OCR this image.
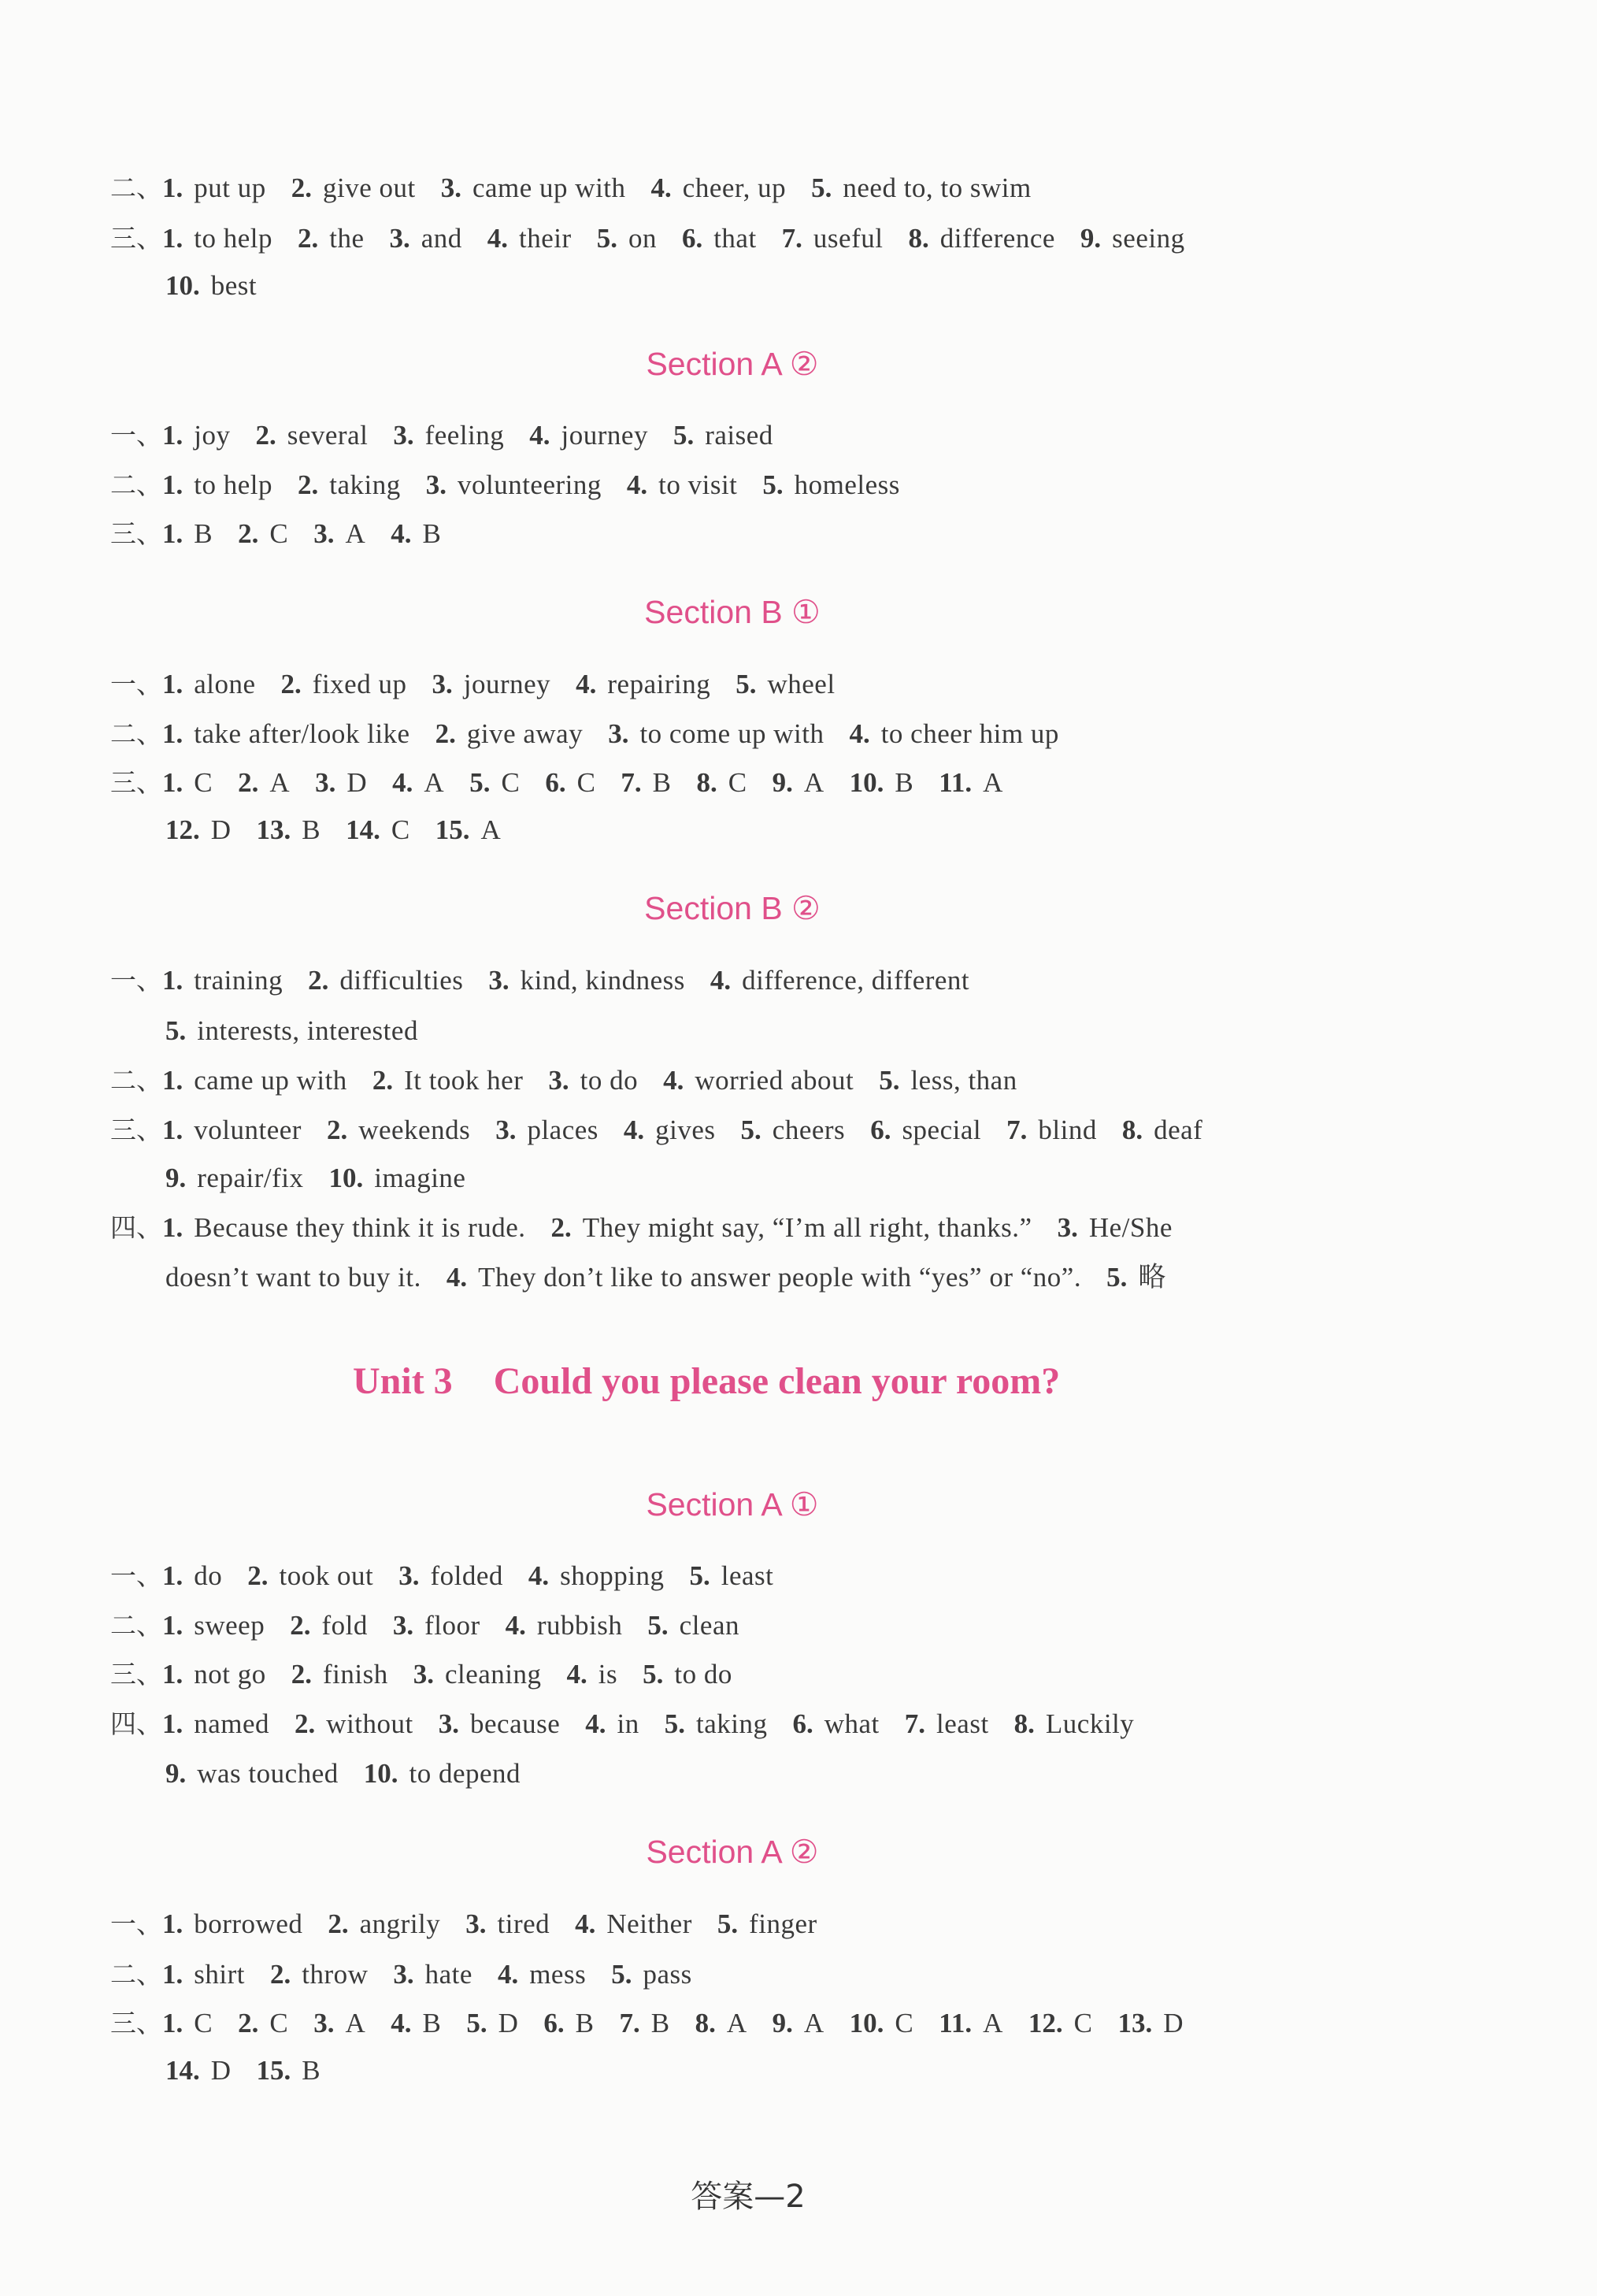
二、1. put up 2. give out 3. came up with 4. cheer, up 5. need to, to swim
三、1. to help 2. the 3. and 4. their 5. on 6. that 7. useful 8. difference 9. seeing
10. best
Section A ②
一、1. joy 2. several 3. feeling 4. journey 5. raised
二、1. to help 2. taking 3. volunteering 4. to visit 5. homeless
三、1. B 2. C 3. A 4. B
Section B ①
一、1. alone 2. fixed up 3. journey 4. repairing 5. wheel
二、1. take after/look like 2. give away 3. to come up with 4. to cheer him up
三、1. C 2. A 3. D 4. A 5. C 6. C 7. B 8. C 9. A 10. B 11. A
12. D 13. B 14. C 15. A
Section B ②
一、1. training 2. difficulties 3. kind, kindness 4. difference, different
5. interests, interested
二、1. came up with 2. It took her 3. to do 4. worried about 5. less, than
三、1. volunteer 2. weekends 3. places 4. gives 5. cheers 6. special 7. blind 8. deaf
9. repair/fix 10. imagine
四、1. Because they think it is rude. 2. They might say, “I’m all right, thanks.” 3. He/She
doesn’t want to buy it. 4. They don’t like to answer people with “yes” or “no”. 5. 略
Unit 3 Could you please clean your room?
Section A ①
一、1. do 2. took out 3. folded 4. shopping 5. least
二、1. sweep 2. fold 3. floor 4. rubbish 5. clean
三、1. not go 2. finish 3. cleaning 4. is 5. to do
四、1. named 2. without 3. because 4. in 5. taking 6. what 7. least 8. Luckily
9. was touched 10. to depend
Section A ②
一、1. borrowed 2. angrily 3. tired 4. Neither 5. finger
二、1. shirt 2. throw 3. hate 4. mess 5. pass
三、1. C 2. C 3. A 4. B 5. D 6. B 7. B 8. A 9. A 10. C 11. A 12. C 13. D
14. D 15. B
答案—2
